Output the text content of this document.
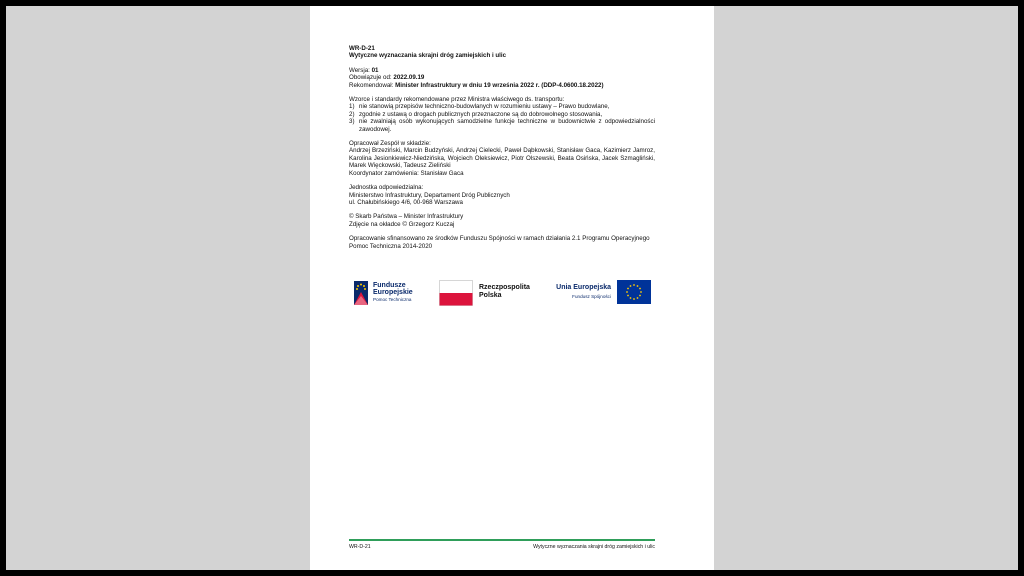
WR-D-21
Wytyczne wyznaczania skrajni dróg zamiejskich i ulic
Wersja: 01
Obowiązuje od: 2022.09.19
Rekomendował: Minister Infrastruktury w dniu 19 września 2022 r. (DDP-4.0600.18.2022)
Wzorce i standardy rekomendowane przez Ministra właściwego ds. transportu:
1) nie stanowią przepisów techniczno-budowlanych w rozumieniu ustawy – Prawo budowlane,
2) zgodnie z ustawą o drogach publicznych przeznaczone są do dobrowolnego stosowania,
3) nie zwalniają osób wykonujących samodzielne funkcje techniczne w budownictwie z odpowiedzialności zawodowej.
Opracował Zespół w składzie:
Andrzej Brzeziński, Marcin Budzyński, Andrzej Cielecki, Paweł Dąbkowski, Stanisław Gaca, Kazimierz Jamroz, Karolina Jesionkiewicz-Niedzińska, Wojciech Oleksiewicz, Piotr Olszewski, Beata Osińska, Jacek Szmagliński, Marek Więckowski, Tadeusz Zieliński
Koordynator zamówienia: Stanisław Gaca
Jednostka odpowiedzialna:
Ministerstwo Infrastruktury, Departament Dróg Publicznych
ul. Chałubińskiego 4/6, 00-968 Warszawa
© Skarb Państwa – Minister Infrastruktury
Zdjęcie na okładce © Grzegorz Kuczaj
Opracowanie sfinansowano ze środków Funduszu Spójności w ramach działania 2.1 Programu Operacyjnego Pomoc Techniczna 2014-2020
Fundusze
Europejskie
Pomoc Techniczna
Rzeczpospolita
Polska
Unia Europejska
Fundusz Spójności
WR-D-21	Wytyczne wyznaczania skrajni dróg zamiejskich i ulic
